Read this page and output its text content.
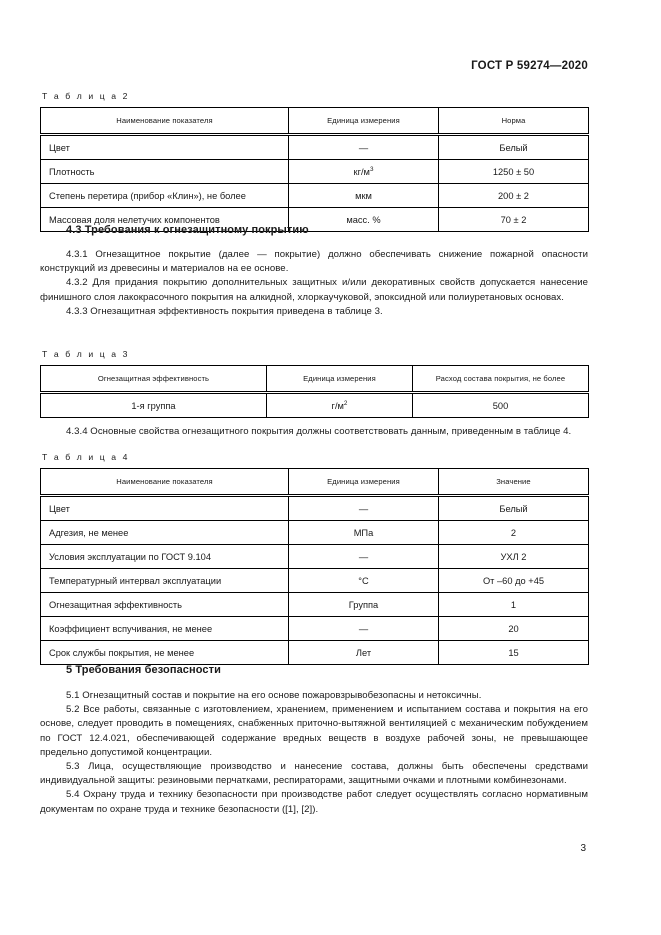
ГОСТ Р 59274—2020
Т а б л и ц а 2
Наименование показателя	Единица измерения	Норма
Цвет	—	Белый
Плотность	$кг/м^3$	1250 ± 50
Степень перетира (прибор «Клин»), не более	мкм	200 ± 2
Массовая доля нелетучих компонентов	масс. %	70 ± 2
4.3 Требования к огнезащитному покрытию

4.3.1 Огнезащитное покрытие (далее — покрытие) должно обеспечивать снижение пожарной опасности конструкций из древесины и материалов на ее основе.

4.3.2 Для придания покрытию дополнительных защитных и/или декоративных свойств допускается нанесение финишного слоя лакокрасочного покрытия на алкидной, хлоркаучуковой, эпоксидной или полиуретановых основах.

4.3.3 Огнезащитная эффективность покрытия приведена в таблице 3.

Т а б л и ц а 3
Огнезащитная эффективность	Единица измерения	Расход состава покрытия, не более
1-я группа	$г/м^2$	500

4.3.4 Основные свойства огнезащитного покрытия должны соответствовать данным, приведенным в таблице 4.

Т а б л и ц а 4
Наименование показателя	Единица измерения	Значение
Цвет	—	Белый
Адгезия, не менее	МПа	2
Условия эксплуатации по ГОСТ 9.104	—	УХЛ 2
Температурный интервал эксплуатации	°С	От –60 до +45
Огнезащитная эффективность	Группа	1
Коэффициент вспучивания, не менее	—	20
Срок службы покрытия, не менее	Лет	15
5 Требования безопасности

5.1 Огнезащитный состав и покрытие на его основе пожаровзрывобезопасны и нетоксичны.

5.2 Все работы, связанные с изготовлением, хранением, применением и испытанием состава и покрытия на его основе, следует проводить в помещениях, снабженных приточно-вытяжной вентиляцией с механическим побуждением по ГОСТ 12.4.021, обеспечивающей содержание вредных веществ в воздухе рабочей зоны, не превышающее предельно допустимой концентрации.

5.3 Лица, осуществляющие производство и нанесение состава, должны быть обеспечены средствами индивидуальной защиты: резиновыми перчатками, респираторами, защитными очками и плотными комбинезонами.

5.4 Охрану труда и технику безопасности при производстве работ следует осуществлять согласно нормативным документам по охране труда и технике безопасности ([1], [2]).

3
